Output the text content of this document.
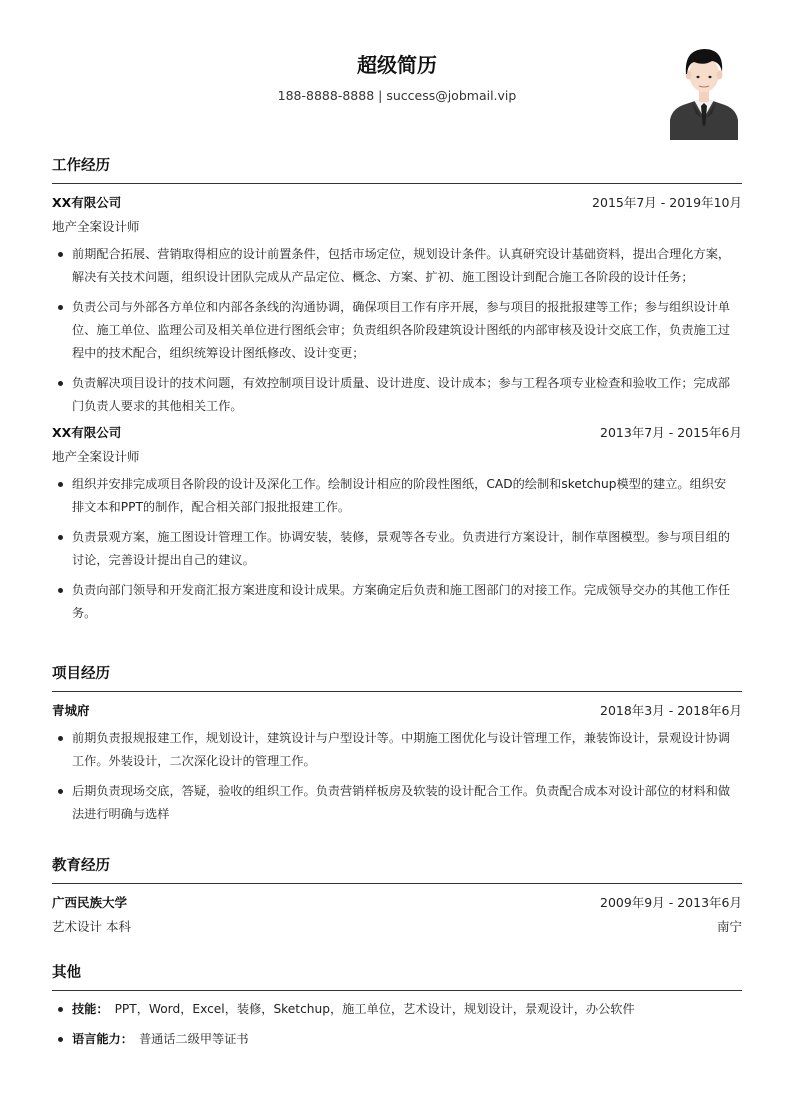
超级简历
188-8888-8888 | success@jobmail.vip
工作经历
XX有限公司	2015年7月 - 2019年10月
地产全案设计师
前期配合拓展、营销取得相应的设计前置条件，包括市场定位，规划设计条件。认真研究设计基础资料，提出合理化方案，解决有关技术问题，组织设计团队完成从产品定位、概念、方案、扩初、施工图设计到配合施工各阶段的设计任务；
负责公司与外部各方单位和内部各条线的沟通协调，确保项目工作有序开展，参与项目的报批报建等工作；参与组织设计单位、施工单位、监理公司及相关单位进行图纸会审；负责组织各阶段建筑设计图纸的内部审核及设计交底工作，负责施工过程中的技术配合，组织统筹设计图纸修改、设计变更；
负责解决项目设计的技术问题，有效控制项目设计质量、设计进度、设计成本；参与工程各项专业检查和验收工作；完成部门负责人要求的其他相关工作。
XX有限公司	2013年7月 - 2015年6月
地产全案设计师
组织并安排完成项目各阶段的设计及深化工作。绘制设计相应的阶段性图纸，CAD的绘制和sketchup模型的建立。组织安排文本和PPT的制作，配合相关部门报批报建工作。
负责景观方案，施工图设计管理工作。协调安装，装修，景观等各专业。负责进行方案设计，制作草图模型。参与项目组的讨论，完善设计提出自己的建议。
负责向部门领导和开发商汇报方案进度和设计成果。方案确定后负责和施工图部门的对接工作。完成领导交办的其他工作任务。
项目经历
青城府	2018年3月 - 2018年6月
前期负责报规报建工作，规划设计，建筑设计与户型设计等。中期施工图优化与设计管理工作，兼装饰设计，景观设计协调工作。外装设计，二次深化设计的管理工作。
后期负责现场交底，答疑，验收的组织工作。负责营销样板房及软装的设计配合工作。负责配合成本对设计部位的材料和做法进行明确与选样
教育经历
广西民族大学	2009年9月 - 2013年6月
艺术设计 本科	南宁
其他
技能： PPT，Word，Excel，装修，Sketchup，施工单位，艺术设计，规划设计，景观设计，办公软件
语言能力： 普通话二级甲等证书
